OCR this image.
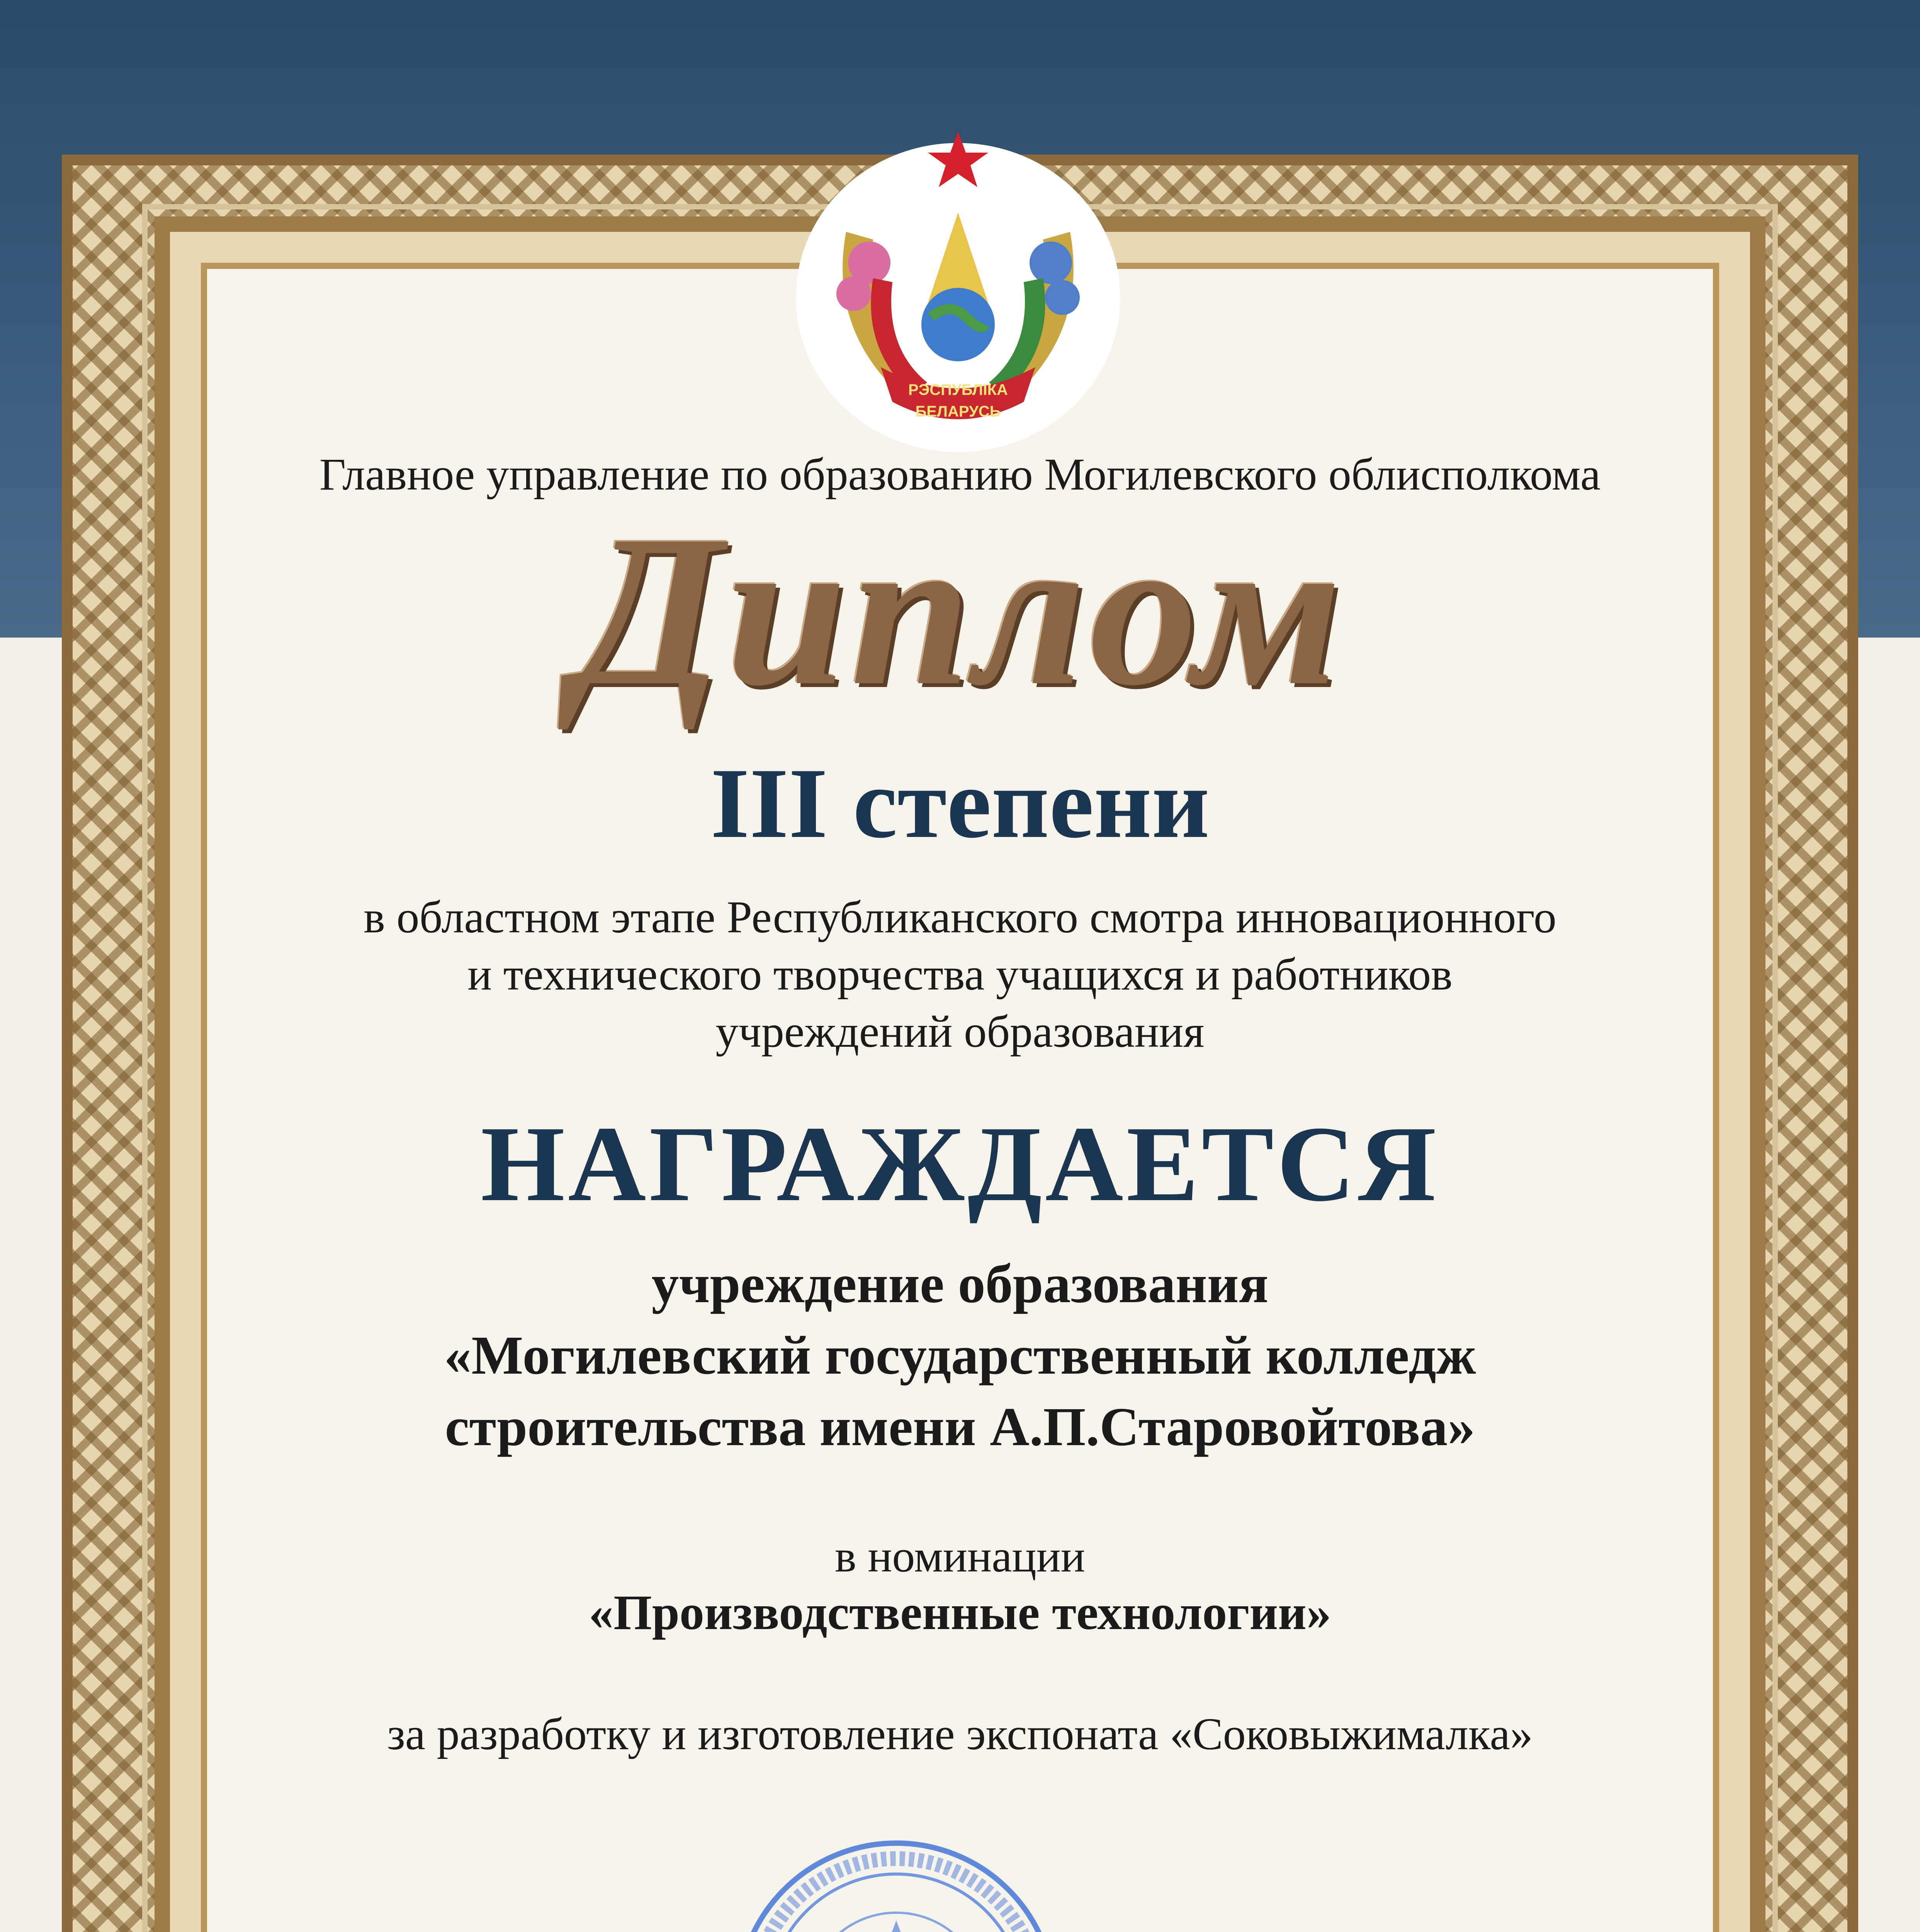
РЭСПУБЛІКА
БЕЛАРУСЬ

Главное управление по образованию Могилевского облисполкома

Диплом

III степени

в областном этапе Республиканского смотра инновационного
и технического творчества учащихся и работников
учреждений образования

НАГРАЖДАЕТСЯ

учреждение образования
«Могилевский государственный колледж
строительства имени А.П.Старовойтова»

в номинации

«Производственные технологии»

за разработку и изготовление экспоната «Соковыжималка»
